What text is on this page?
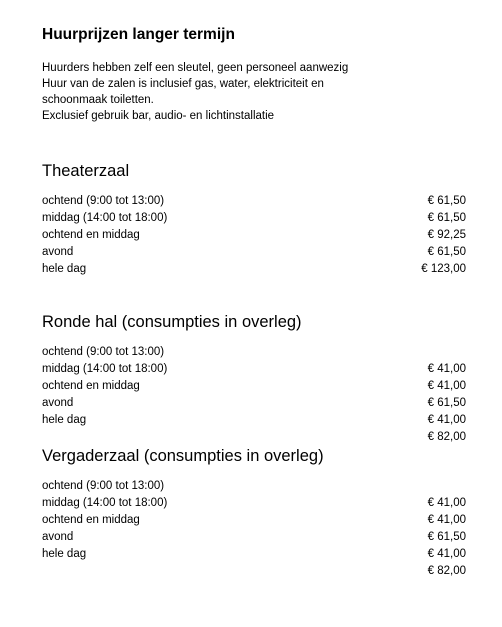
Huurprijzen langer termijn
Huurders hebben zelf een sleutel, geen personeel aanwezig
Huur van de zalen is inclusief gas, water, elektriciteit en
schoonmaak toiletten.
Exclusief gebruik bar, audio- en lichtinstallatie
Theaterzaal
ochtend (9:00 tot 13:00)
middag (14:00 tot 18:00)
ochtend en middag
avond
hele dag
€ 61,50
€ 61,50
€ 92,25
€ 61,50
€ 123,00
Ronde hal (consumpties in overleg)
ochtend (9:00 tot 13:00)
middag (14:00 tot 18:00)
ochtend en middag
avond
hele dag
€ 41,00
€ 41,00
€ 61,50
€ 41,00
€ 82,00
Vergaderzaal (consumpties in overleg)
ochtend (9:00 tot 13:00)
middag (14:00 tot 18:00)
ochtend en middag
avond
hele dag
€ 41,00
€ 41,00
€ 61,50
€ 41,00
€ 82,00
